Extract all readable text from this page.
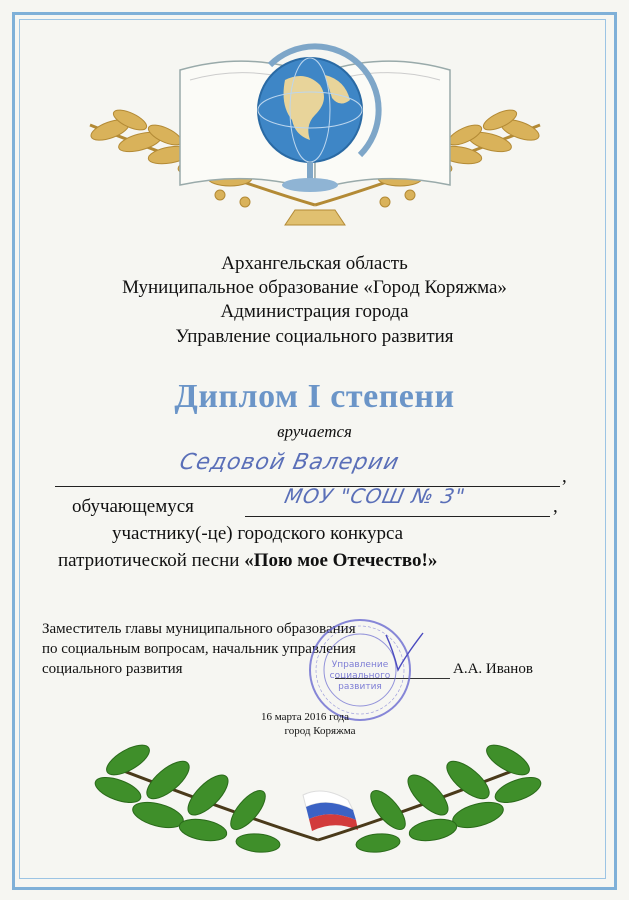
Архангельская область
Муниципальное образование «Город Коряжма»
Администрация города
Управление социального развития
Диплом I степени
вручается
Седовой Валерии
,
обучающемуся	МОУ "СОШ № 3"	,
участнику(-це) городского конкурса
патриотической песни «Пою мое Отечество!»
Заместитель главы муниципального образования
по социальным вопросам, начальник управления
социального развития	А.А. Иванов
Управление
социального
развития
16 марта 2016 года
город Коряжма
